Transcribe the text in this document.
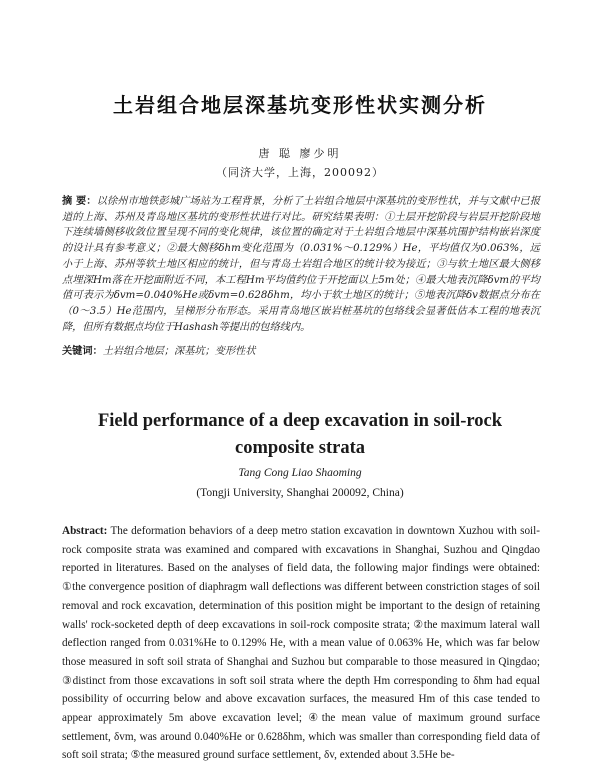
土岩组合地层深基坑变形性状实测分析
唐 聪 廖少明
（同济大学，上海，200092）
摘 要：以徐州市地铁彭城广场站为工程背景，分析了土岩组合地层中深基坑的变形性状，并与文献中已报道的上海、苏州及青岛地区基坑的变形性状进行对比。研究结果表明：①土层开挖阶段与岩层开挖阶段地下连续墙侧移收敛位置呈现不同的变化规律，该位置的确定对于土岩组合地层中深基坑围护结构嵌岩深度的设计具有参考意义；②最大侧移δhm变化范围为（0.031%～0.129%）He，平均值仅为0.063%，远小于上海、苏州等软土地区相应的统计，但与青岛土岩组合地区的统计较为接近；③与软土地区最大侧移点埋深Hm落在开挖面附近不同，本工程Hm平均值约位于开挖面以上5m处；④最大地表沉降δvm的平均值可表示为δvm=0.040%He或δvm=0.628δhm，均小于软土地区的统计；⑤地表沉降δv数据点分布在（0～3.5）He范围内，呈梯形分布形态。采用青岛地区嵌岩桩基坑的包络线会显著低估本工程的地表沉降，但所有数据点均位于Hashash等提出的包络线内。
关键词：土岩组合地层；深基坑；变形性状
Field performance of a deep excavation in soil-rock
composite strata
Tang Cong Liao Shaoming
(Tongji University, Shanghai 200092, China)
Abstract: The deformation behaviors of a deep metro station excavation in downtown Xuzhou with soil-rock composite strata was examined and compared with excavations in Shanghai, Suzhou and Qingdao reported in literatures. Based on the analyses of field data, the following major findings were obtained: ①the convergence position of diaphragm wall deflections was different between constriction stages of soil removal and rock excavation, determination of this position might be important to the design of retaining walls' rock-socketed depth of deep excavations in soil-rock composite strata; ②the maximum lateral wall deflection ranged from 0.031%He to 0.129% He, with a mean value of 0.063% He, which was far below those measured in soft soil strata of Shanghai and Suzhou but comparable to those measured in Qingdao; ③distinct from those excavations in soft soil strata where the depth Hm corresponding to δhm had equal possibility of occurring below and above excavation surfaces, the measured Hm of this case tended to appear approximately 5m above excavation level; ④the mean value of maximum ground surface settlement, δvm, was around 0.040%He or 0.628δhm, which was smaller than corresponding field data of soft soil strata; ⑤the measured ground surface settlement, δv, extended about 3.5He be-
